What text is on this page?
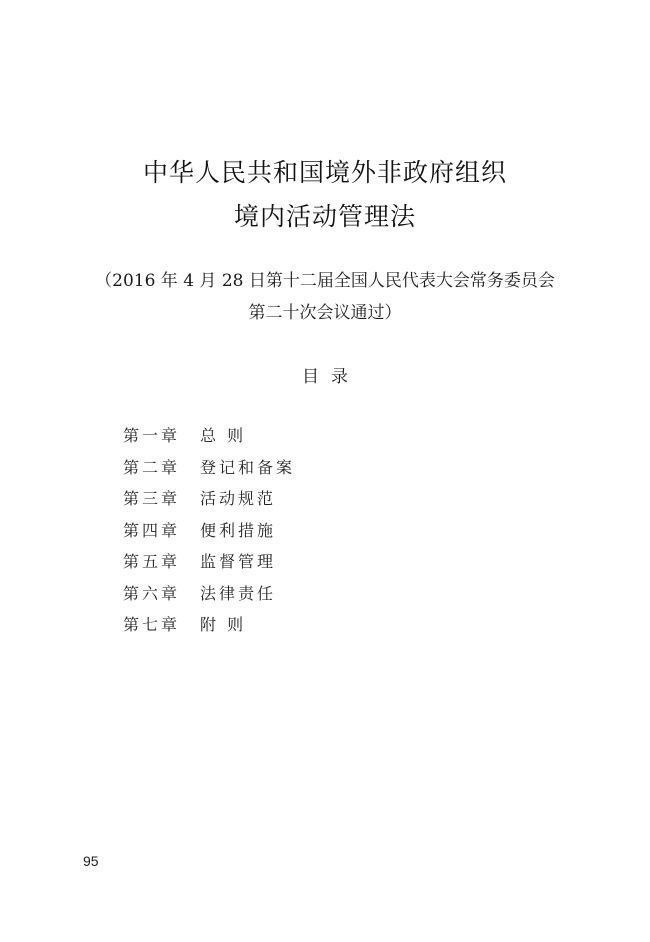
中华人民共和国境外非政府组织
境内活动管理法
（2016 年 4 月 28 日第十二届全国人民代表大会常务委员会
第二十次会议通过）
目录
第一章 总 则
第二章 登记和备案
第三章 活动规范
第四章 便利措施
第五章 监督管理
第六章 法律责任
第七章 附 则
95
